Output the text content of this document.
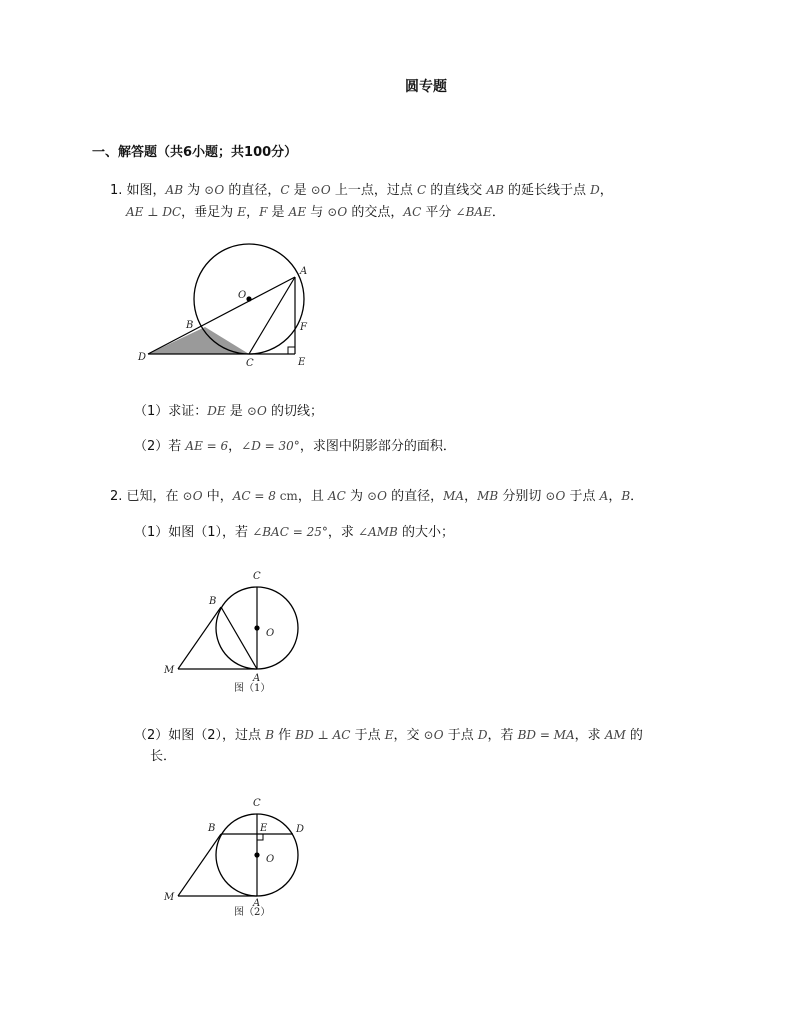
圆专题
一、解答题（共6小题；共100分）
1. 如图，AB 为 ⊙O 的直径，C 是 ⊙O 上一点，过点 C 的直线交 AB 的延长线于点 D，
AE ⊥ DC，垂足为 E，F 是 AE 与 ⊙O 的交点，AC 平分 ∠BAE．
A
O
B	F
D
C	E
（1）求证：DE 是 ⊙O 的切线；
（2）若 AE = 6，∠D = 30°，求图中阴影部分的面积．
2. 已知，在 ⊙O 中，AC = 8 cm，且 AC 为 ⊙O 的直径，MA，MB 分别切 ⊙O 于点 A，B．
（1）如图（1），若 ∠BAC = 25°，求 ∠AMB 的大小；
C
B
O
M
A
图（1）
（2）如图（2），过点 B 作 BD ⊥ AC 于点 E，交 ⊙O 于点 D，若 BD = MA，求 AM 的
长．
C
B	E	D
O
M
A
图（2）
